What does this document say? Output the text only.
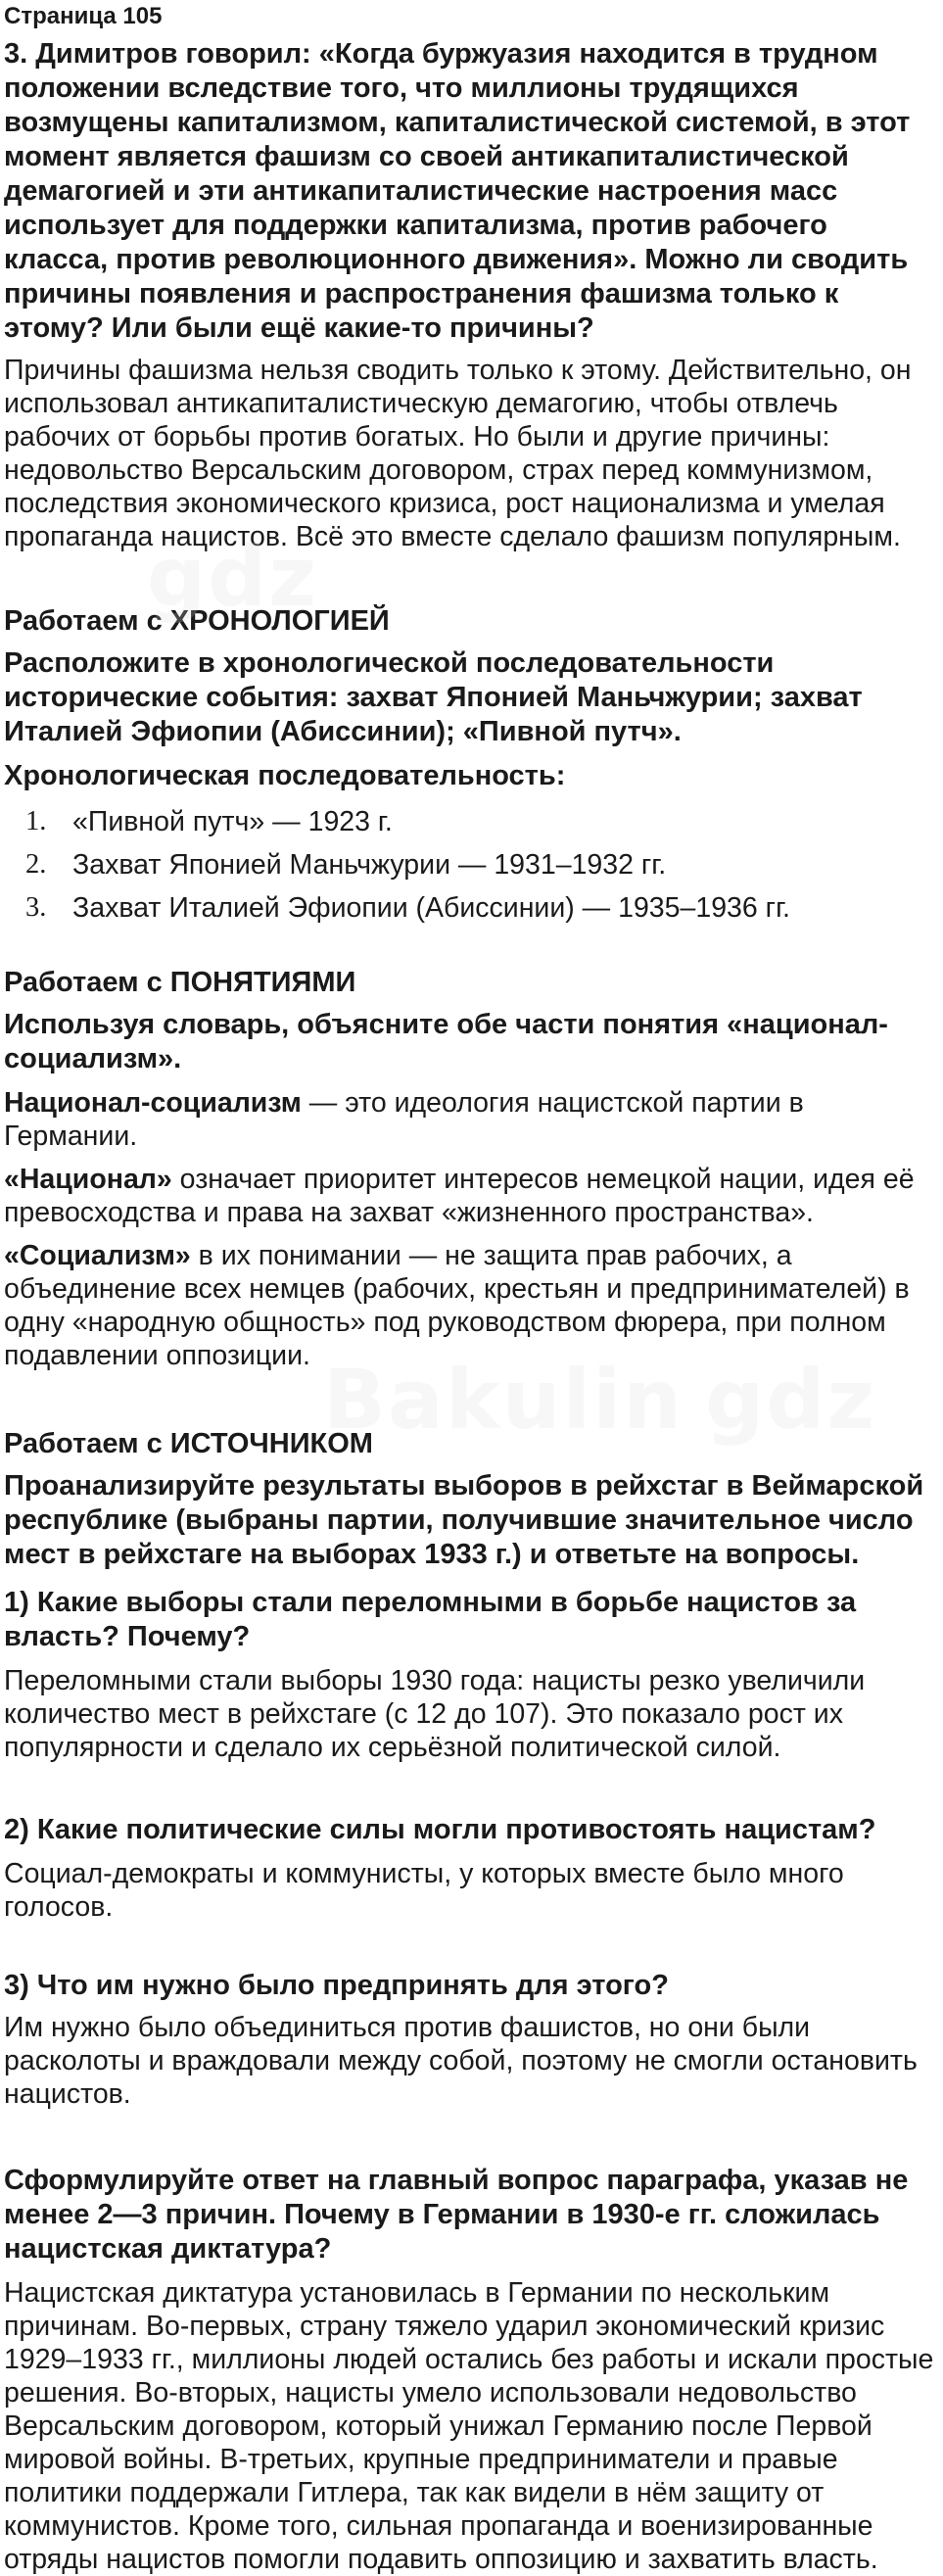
gdz
Bakulin gdz
Страница 105
3. Димитров говорил: «Когда буржуазия находится в трудном положении вследствие того, что миллионы трудящихся возмущены капитализмом, капиталистической системой, в этот момент является фашизм со своей антикапиталистической демагогией и эти антикапиталистические настроения масс использует для поддержки капитализма, против рабочего класса, против революционного движения». Можно ли сводить причины появления и распространения фашизма только к этому? Или были ещё какие-то причины?
Причины фашизма нельзя сводить только к этому. Действительно, он использовал антикапиталистическую демагогию, чтобы отвлечь рабочих от борьбы против богатых. Но были и другие причины: недовольство Версальским договором, страх перед коммунизмом, последствия экономического кризиса, рост национализма и умелая пропаганда нацистов. Всё это вместе сделало фашизм популярным.
Работаем с ХРОНОЛОГИЕЙ
Расположите в хронологической последовательности исторические события: захват Японией Маньчжурии; захват Италией Эфиопии (Абиссинии); «Пивной путч».
Хронологическая последовательность:
1. «Пивной путч» — 1923 г.
2. Захват Японией Маньчжурии — 1931–1932 гг.
3. Захват Италией Эфиопии (Абиссинии) — 1935–1936 гг.
Работаем с ПОНЯТИЯМИ
Используя словарь, объясните обе части понятия «национал-социализм».
Национал-социализм — это идеология нацистской партии в Германии.
«Национал» означает приоритет интересов немецкой нации, идея её превосходства и права на захват «жизненного пространства».
«Социализм» в их понимании — не защита прав рабочих, а объединение всех немцев (рабочих, крестьян и предпринимателей) в одну «народную общность» под руководством фюрера, при полном подавлении оппозиции.
Работаем с ИСТОЧНИКОМ
Проанализируйте результаты выборов в рейхстаг в Веймарской республике (выбраны партии, получившие значительное число мест в рейхстаге на выборах 1933 г.) и ответьте на вопросы.
1) Какие выборы стали переломными в борьбе нацистов за власть? Почему?
Переломными стали выборы 1930 года: нацисты резко увеличили количество мест в рейхстаге (с 12 до 107). Это показало рост их популярности и сделало их серьёзной политической силой.
2) Какие политические силы могли противостоять нацистам?
Социал-демократы и коммунисты, у которых вместе было много голосов.
3) Что им нужно было предпринять для этого?
Им нужно было объединиться против фашистов, но они были расколоты и враждовали между собой, поэтому не смогли остановить нацистов.
Сформулируйте ответ на главный вопрос параграфа, указав не менее 2—3 причин. Почему в Германии в 1930-е гг. сложилась нацистская диктатура?
Нацистская диктатура установилась в Германии по нескольким причинам. Во-первых, страну тяжело ударил экономический кризис 1929–1933 гг., миллионы людей остались без работы и искали простые решения. Во-вторых, нацисты умело использовали недовольство Версальским договором, который унижал Германию после Первой мировой войны. В-третьих, крупные предприниматели и правые политики поддержали Гитлера, так как видели в нём защиту от коммунистов. Кроме того, сильная пропаганда и военизированные отряды нацистов помогли подавить оппозицию и захватить власть.
